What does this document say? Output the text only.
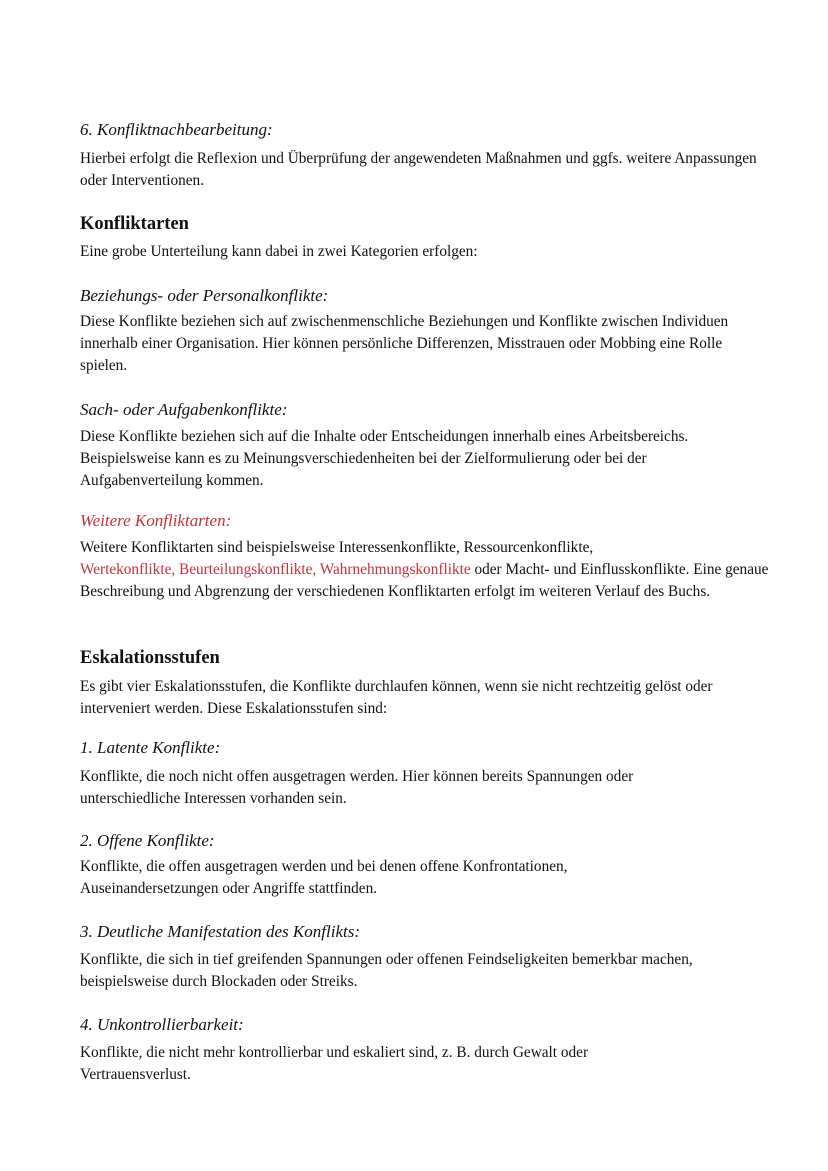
6. Konfliktnachbearbeitung:

Hierbei erfolgt die Reflexion und Überprüfung der angewendeten Maßnahmen und ggfs. weitere Anpassungen oder Interventionen.

Konfliktarten

Eine grobe Unterteilung kann dabei in zwei Kategorien erfolgen:

Beziehungs- oder Personalkonflikte:

Diese Konflikte beziehen sich auf zwischenmenschliche Beziehungen und Konflikte zwischen Individuen innerhalb einer Organisation. Hier können persönliche Differenzen, Misstrauen oder Mobbing eine Rolle spielen.

Sach- oder Aufgabenkonflikte:

Diese Konflikte beziehen sich auf die Inhalte oder Entscheidungen innerhalb eines Arbeitsbereichs. Beispielsweise kann es zu Meinungsverschiedenheiten bei der Zielformulierung oder bei der Aufgabenverteilung kommen.

Weitere Konfliktarten:

Weitere Konfliktarten sind beispielsweise Interessenkonflikte, Ressourcenkonflikte,
Wertekonflikte, Beurteilungskonflikte, Wahrnehmungskonflikte oder Macht- und Einflusskonflikte. Eine genaue Beschreibung und Abgrenzung der verschiedenen Konfliktarten erfolgt im weiteren Verlauf des Buchs.

Eskalationsstufen

Es gibt vier Eskalationsstufen, die Konflikte durchlaufen können, wenn sie nicht rechtzeitig gelöst oder interveniert werden. Diese Eskalationsstufen sind:

1. Latente Konflikte:

Konflikte, die noch nicht offen ausgetragen werden. Hier können bereits Spannungen oder unterschiedliche Interessen vorhanden sein.

2. Offene Konflikte:

Konflikte, die offen ausgetragen werden und bei denen offene Konfrontationen, Auseinandersetzungen oder Angriffe stattfinden.

3. Deutliche Manifestation des Konflikts:

Konflikte, die sich in tief greifenden Spannungen oder offenen Feindseligkeiten bemerkbar machen, beispielsweise durch Blockaden oder Streiks.

4. Unkontrollierbarkeit:

Konflikte, die nicht mehr kontrollierbar und eskaliert sind, z. B. durch Gewalt oder Vertrauensverlust.
